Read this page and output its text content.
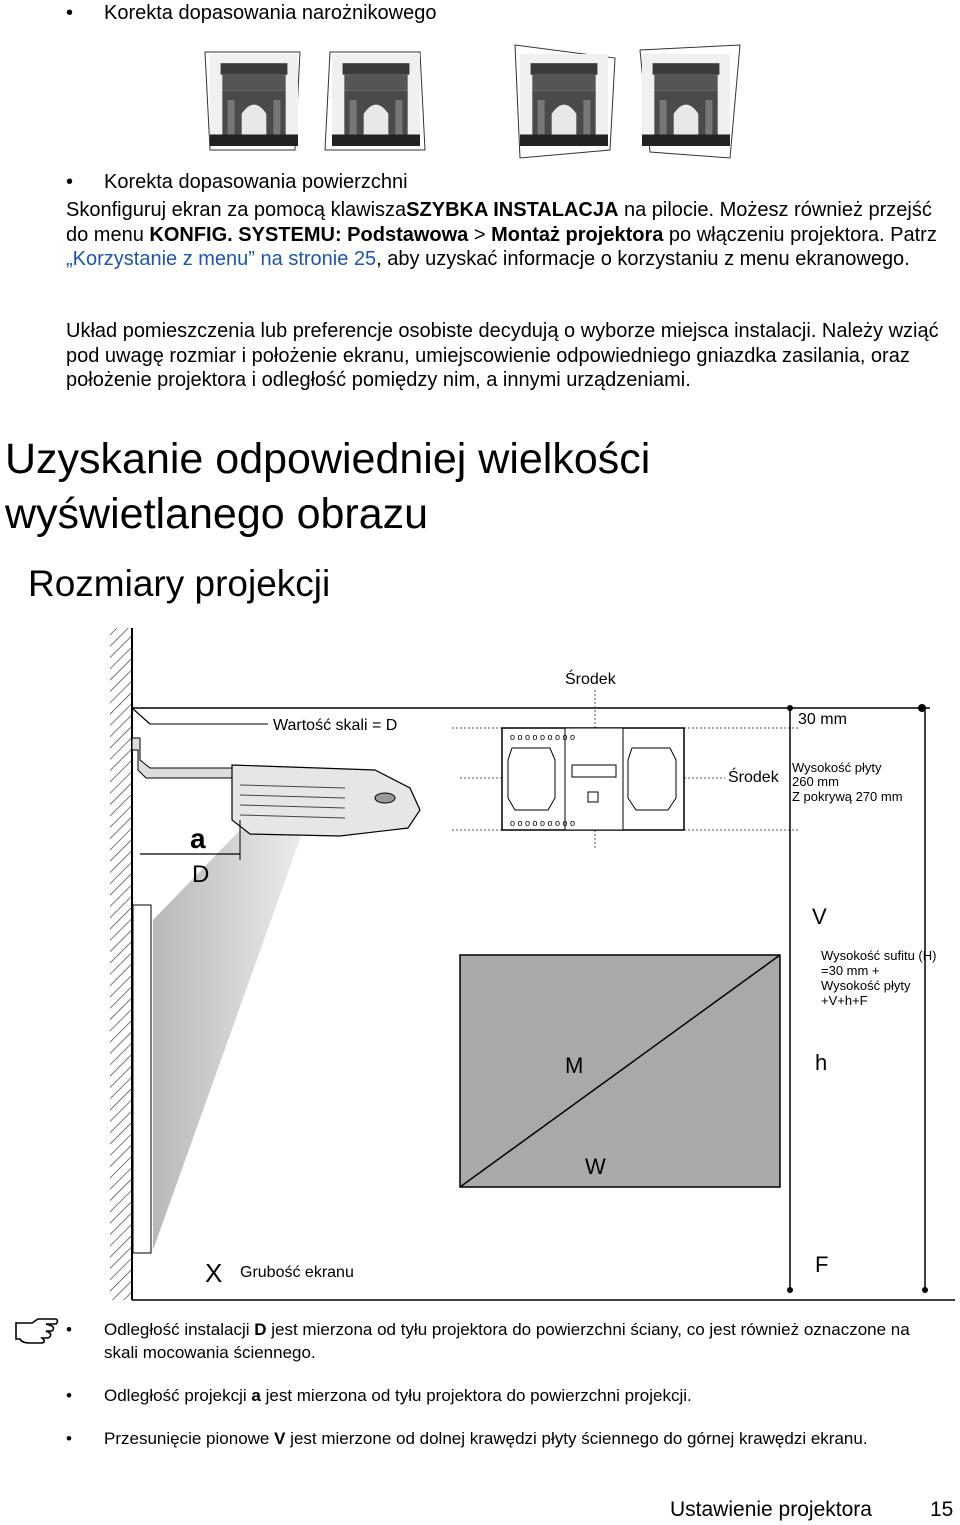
• Korekta dopasowania narożnikowego
• Korekta dopasowania powierzchni
Skonfiguruj ekran za pomocą klawiszaSZYBKA INSTALACJA na pilocie. Możesz również przejść do menu KONFIG. SYSTEMU: Podstawowa > Montaż projektora po włączeniu projektora. Patrz „Korzystanie z menu” na stronie 25, aby uzyskać informacje o korzystaniu z menu ekranowego.
Układ pomieszczenia lub preferencje osobiste decydują o wyborze miejsca instalacji. Należy wziąć pod uwagę rozmiar i położenie ekranu, umiejscowienie odpowiedniego gniazdka zasilania, oraz położenie projektora i odległość pomiędzy nim, a innymi urządzeniami.
Uzyskanie odpowiedniej wielkości
wyświetlanego obrazu
Rozmiary projekcji
o o o o o o o o o
o o o o o o o o o
Środek
Wartość skali = D	30 mm
Środek
Wysokość płyty
260 mm
Z pokrywą 270 mm
a
D
V
Wysokość sufitu (H)
=30 mm +
Wysokość płyty
+V+h+F
M	h
W
X Grubość ekranu	F
• Odległość instalacji D jest mierzona od tyłu projektora do powierzchni ściany, co jest również oznaczone na skali mocowania ściennego.
• Odległość projekcji a jest mierzona od tyłu projektora do powierzchni projekcji.
• Przesunięcie pionowe V jest mierzone od dolnej krawędzi płyty ściennego do górnej krawędzi ekranu.
Ustawienie projektora	15
